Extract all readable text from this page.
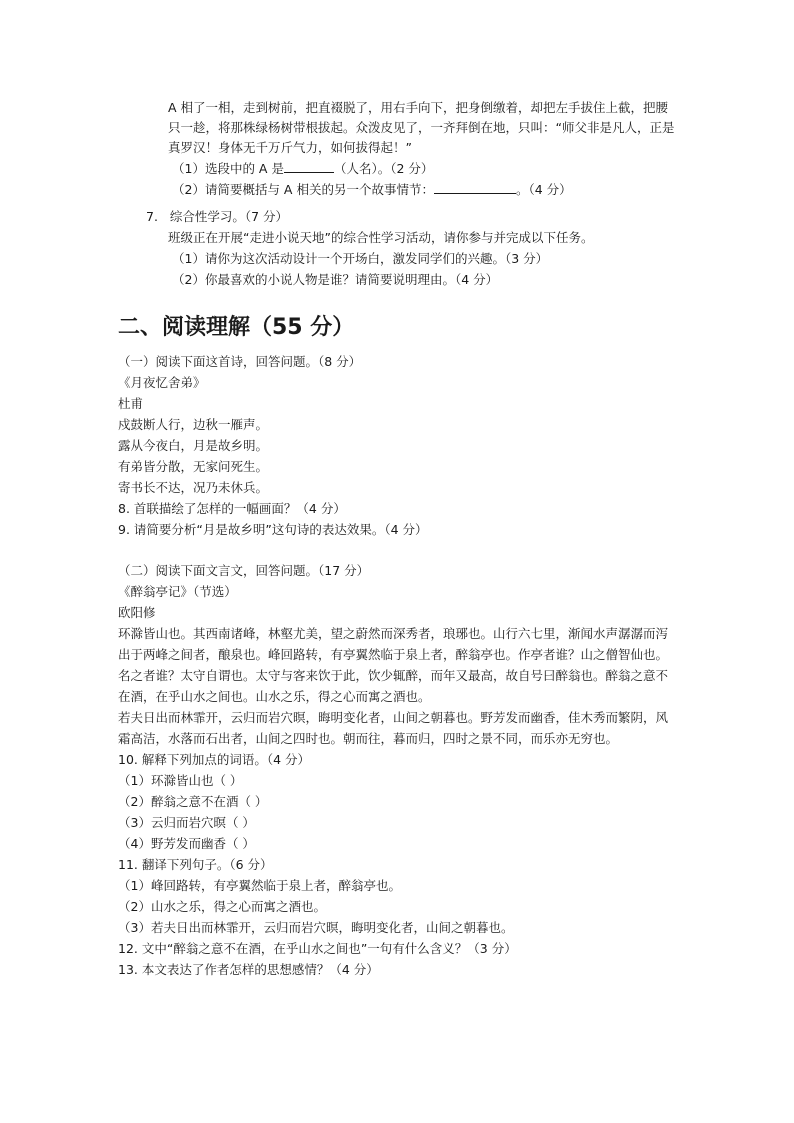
A 相了一相，走到树前，把直裰脱了，用右手向下，把身倒缴着，却把左手拔住上截，把腰
只一趁，将那株绿杨树带根拔起。众泼皮见了，一齐拜倒在地，只叫：“师父非是凡人，正是
真罗汉！身体无千万斤气力，如何拔得起！”
（1）选段中的 A 是	（人名）。（2 分）
（2）请简要概括与 A 相关的另一个故事情节：	。（4 分）
7.   综合性学习。（7 分）
班级正在开展“走进小说天地”的综合性学习活动，请你参与并完成以下任务。
（1）请你为这次活动设计一个开场白，激发同学们的兴趣。（3 分）
（2）你最喜欢的小说人物是谁？请简要说明理由。（4 分）
二、阅读理解（55 分）
（一）阅读下面这首诗，回答问题。（8 分）
《月夜忆舍弟》
杜甫
戍鼓断人行，边秋一雁声。
露从今夜白，月是故乡明。
有弟皆分散，无家问死生。
寄书长不达，况乃未休兵。
8. 首联描绘了怎样的一幅画面？（4 分）
9. 请简要分析“月是故乡明”这句诗的表达效果。（4 分）
（二）阅读下面文言文，回答问题。（17 分）
《醉翁亭记》（节选）
欧阳修
环滁皆山也。其西南诸峰，林壑尤美，望之蔚然而深秀者，琅琊也。山行六七里，渐闻水声潺潺而泻
出于两峰之间者，酿泉也。峰回路转，有亭翼然临于泉上者，醉翁亭也。作亭者谁？山之僧智仙也。
名之者谁？太守自谓也。太守与客来饮于此，饮少辄醉，而年又最高，故自号曰醉翁也。醉翁之意不
在酒，在乎山水之间也。山水之乐，得之心而寓之酒也。
若夫日出而林霏开，云归而岩穴暝，晦明变化者，山间之朝暮也。野芳发而幽香，佳木秀而繁阴，风
霜高洁，水落而石出者，山间之四时也。朝而往，暮而归，四时之景不同，而乐亦无穷也。
10. 解释下列加点的词语。（4 分）
（1）环滁皆山也（ ）
（2）醉翁之意不在酒（ ）
（3）云归而岩穴暝（ ）
（4）野芳发而幽香（ ）
11. 翻译下列句子。（6 分）
（1）峰回路转，有亭翼然临于泉上者，醉翁亭也。
（2）山水之乐，得之心而寓之酒也。
（3）若夫日出而林霏开，云归而岩穴暝，晦明变化者，山间之朝暮也。
12. 文中“醉翁之意不在酒，在乎山水之间也”一句有什么含义？（3 分）
13. 本文表达了作者怎样的思想感情？（4 分）
